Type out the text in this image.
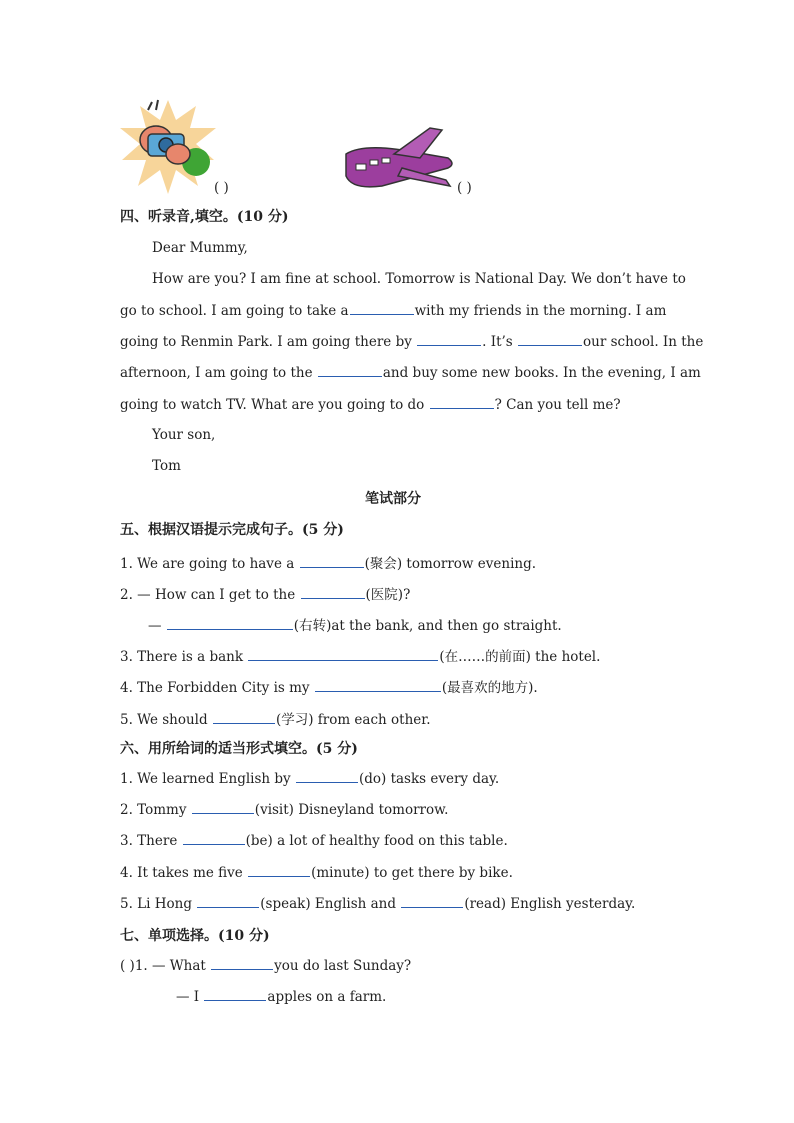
( )	( )
四、听录音,填空。(10 分)
Dear Mummy,
How are you? I am fine at school. Tomorrow is National Day. We don’t have to
go to school. I am going to take a	with my friends in the morning. I am
going to Renmin Park. I am going there by	. It’s	our school. In the
afternoon, I am going to the	and buy some new books. In the evening, I am
going to watch TV. What are you going to do	? Can you tell me?
Your son,
Tom
笔试部分
五、根据汉语提示完成句子。(5 分)
1. We are going to have a	(聚会) tomorrow evening.
2. — How can I get to the	(医院)?
—	(右转)at the bank, and then go straight.
3. There is a bank	(在……的前面) the hotel.
4. The Forbidden City is my	(最喜欢的地方).
5. We should	(学习) from each other.
六、用所给词的适当形式填空。(5 分)
1. We learned English by	(do) tasks every day.
2. Tommy	(visit) Disneyland tomorrow.
3. There	(be) a lot of healthy food on this table.
4. It takes me five	(minute) to get there by bike.
5. Li Hong	(speak) English and	(read) English yesterday.
七、单项选择。(10 分)
( )1. — What	you do last Sunday?
— I	apples on a farm.
